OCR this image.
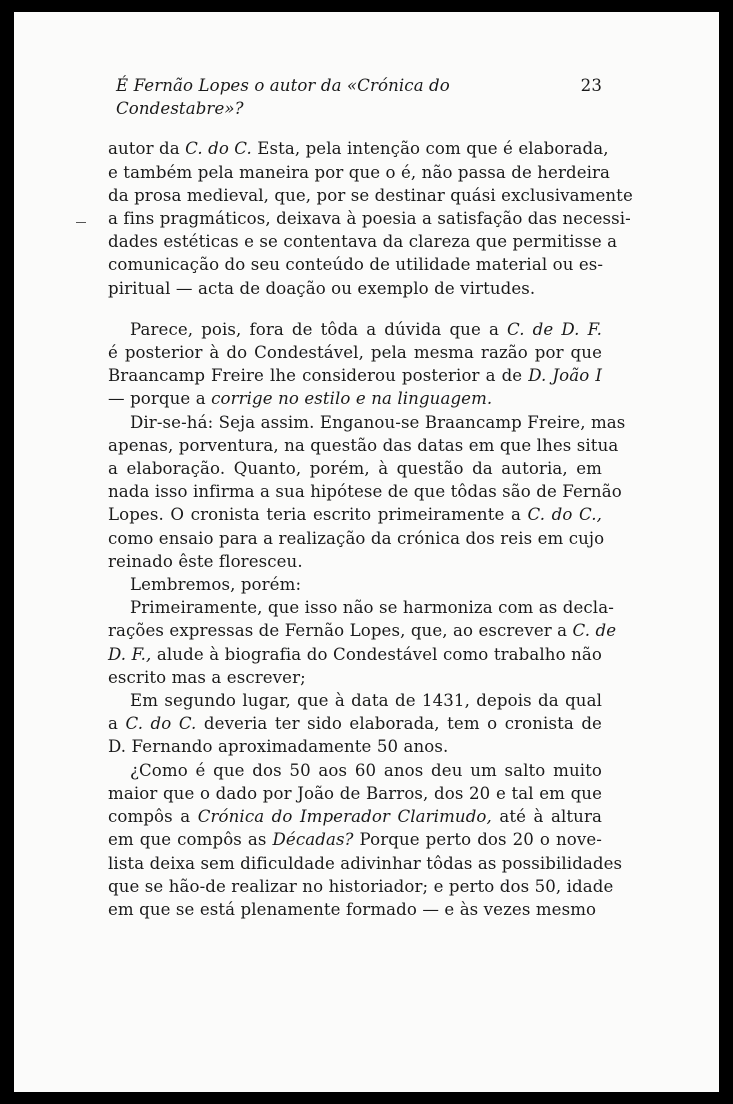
É Fernão Lopes o autor da «Crónica do Condestabre»?
23
autor da C. do C. Esta, pela intenção com que é elaborada,
e também pela maneira por que o é, não passa de herdeira
da prosa medieval, que, por se destinar quási exclusivamente
a fins pragmáticos, deixava à poesia a satisfação das necessi-
dades estéticas e se contentava da clareza que permitisse a
comunicação do seu conteúdo de utilidade material ou es-
piritual — acta de doação ou exemplo de virtudes.
Parece, pois, fora de tôda a dúvida que a C. de D. F.
é posterior à do Condestável, pela mesma razão por que
Braancamp Freire lhe considerou posterior a de D. João I
— porque a corrige no estilo e na linguagem.
Dir-se-há: Seja assim. Enganou-se Braancamp Freire, mas
apenas, porventura, na questão das datas em que lhes situa
a elaboração. Quanto, porém, à questão da autoria, em
nada isso infirma a sua hipótese de que tôdas são de Fernão
Lopes. O cronista teria escrito primeiramente a C. do C.,
como ensaio para a realização da crónica dos reis em cujo
reinado êste floresceu.
Lembremos, porém:
Primeiramente, que isso não se harmoniza com as decla-
rações expressas de Fernão Lopes, que, ao escrever a C. de
D. F., alude à biografia do Condestável como trabalho não
escrito mas a escrever;
Em segundo lugar, que à data de 1431, depois da qual
a C. do C. deveria ter sido elaborada, tem o cronista de
D. Fernando aproximadamente 50 anos.
¿Como é que dos 50 aos 60 anos deu um salto muito
maior que o dado por João de Barros, dos 20 e tal em que
compôs a Crónica do Imperador Clarimudo, até à altura
em que compôs as Décadas? Porque perto dos 20 o nove-
lista deixa sem dificuldade adivinhar tôdas as possibilidades
que se hão-de realizar no historiador; e perto dos 50, idade
em que se está plenamente formado — e às vezes mesmo
